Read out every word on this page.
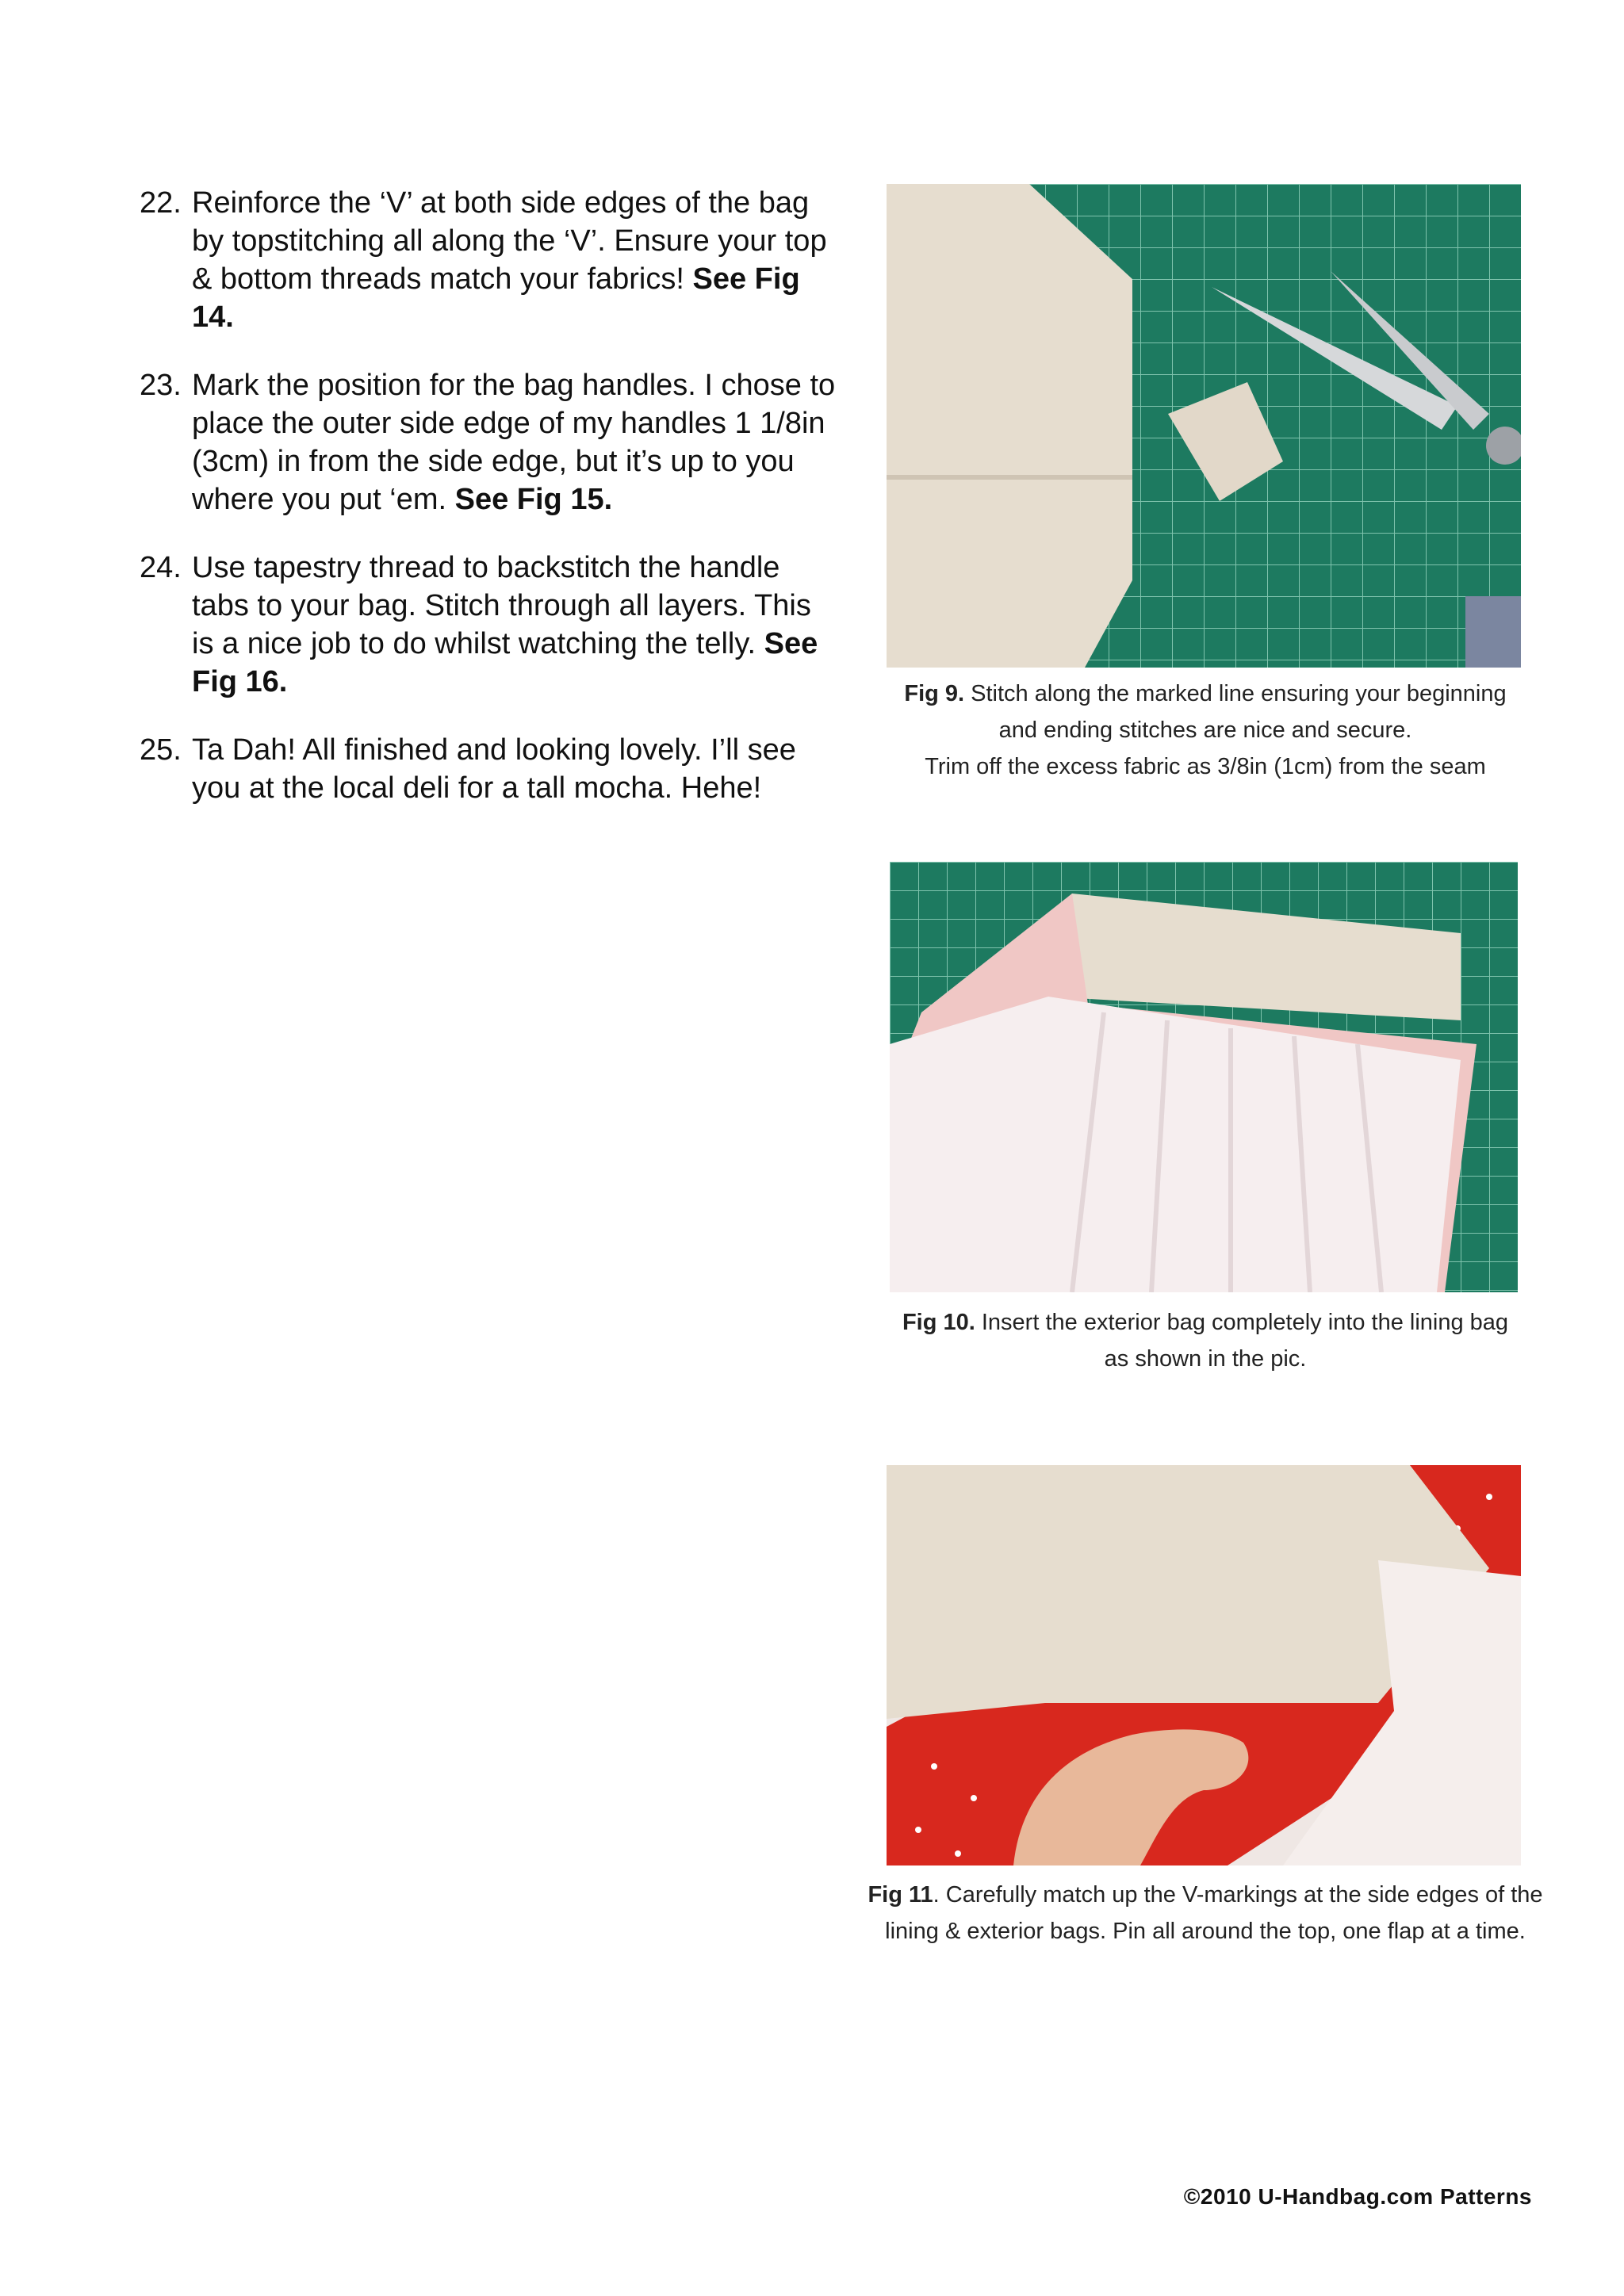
22. Reinforce the ‘V’ at both side edges of the bag by topstitching all along the ‘V’. Ensure your top & bottom threads match your fabrics! See Fig 14.
23. Mark the position for the bag handles. I chose to place the outer side edge of my handles 1 1/8in (3cm) in from the side edge, but it’s up to you where you put ‘em. See Fig 15.
24. Use tapestry thread to backstitch the handle tabs to your bag. Stitch through all layers. This is a nice job to do whilst watching the telly. See Fig 16.
25. Ta Dah! All finished and looking lovely. I’ll see you at the local deli for a tall mocha. Hehe!
Fig 9. Stitch along the marked line ensuring your beginning
and ending stitches are nice and secure.
Trim off the excess fabric as 3/8in (1cm) from the seam
Fig 10. Insert the exterior bag completely into the lining bag
as shown in the pic.
Fig 11. Carefully match up the V-markings at the side edges of the
lining & exterior bags. Pin all around the top, one flap at a time.
©2010 U-Handbag.com Patterns
